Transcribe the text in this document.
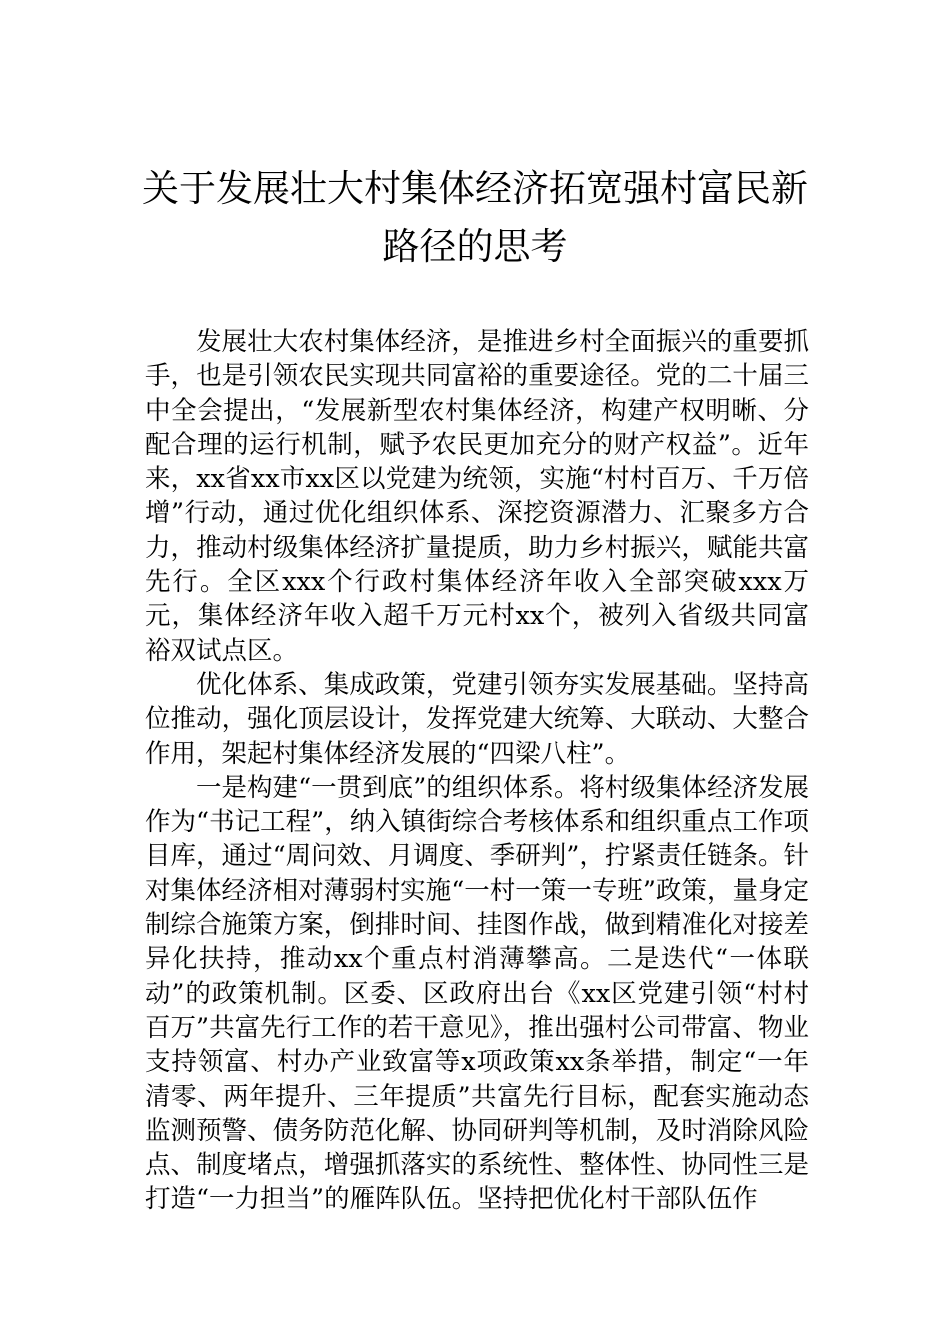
关于发展壮大村集体经济拓宽强村富民新
路径的思考

发展壮大农村集体经济，是推进乡村全面振兴的重要抓手，也是引领农民实现共同富裕的重要途径。党的二十届三中全会提出，“发展新型农村集体经济，构建产权明晰、分配合理的运行机制，赋予农民更加充分的财产权益”。近年来，xx省xx市xx区以党建为统领，实施“村村百万、千万倍增”行动，通过优化组织体系、深挖资源潜力、汇聚多方合力，推动村级集体经济扩量提质，助力乡村振兴，赋能共富先行。全区xxx个行政村集体经济年收入全部突破xxx万元，集体经济年收入超千万元村xx个，被列入省级共同富裕双试点区。

优化体系、集成政策，党建引领夯实发展基础。坚持高位推动，强化顶层设计，发挥党建大统筹、大联动、大整合作用，架起村集体经济发展的“四梁八柱”。

一是构建“一贯到底”的组织体系。将村级集体经济发展作为“书记工程”，纳入镇街综合考核体系和组织重点工作项目库，通过“周问效、月调度、季研判”，拧紧责任链条。针对集体经济相对薄弱村实施“一村一策一专班”政策，量身定制综合施策方案，倒排时间、挂图作战，做到精准化对接差异化扶持，推动xx个重点村消薄攀高。二是迭代“一体联动”的政策机制。区委、区政府出台《xx区党建引领“村村百万”共富先行工作的若干意见》，推出强村公司带富、物业支持领富、村办产业致富等x项政策xx条举措，制定“一年清零、两年提升、三年提质”共富先行目标，配套实施动态监测预警、债务防范化解、协同研判等机制，及时消除风险点、制度堵点，增强抓落实的系统性、整体性、协同性三是打造“一力担当”的雁阵队伍。坚持把优化村干部队伍作
